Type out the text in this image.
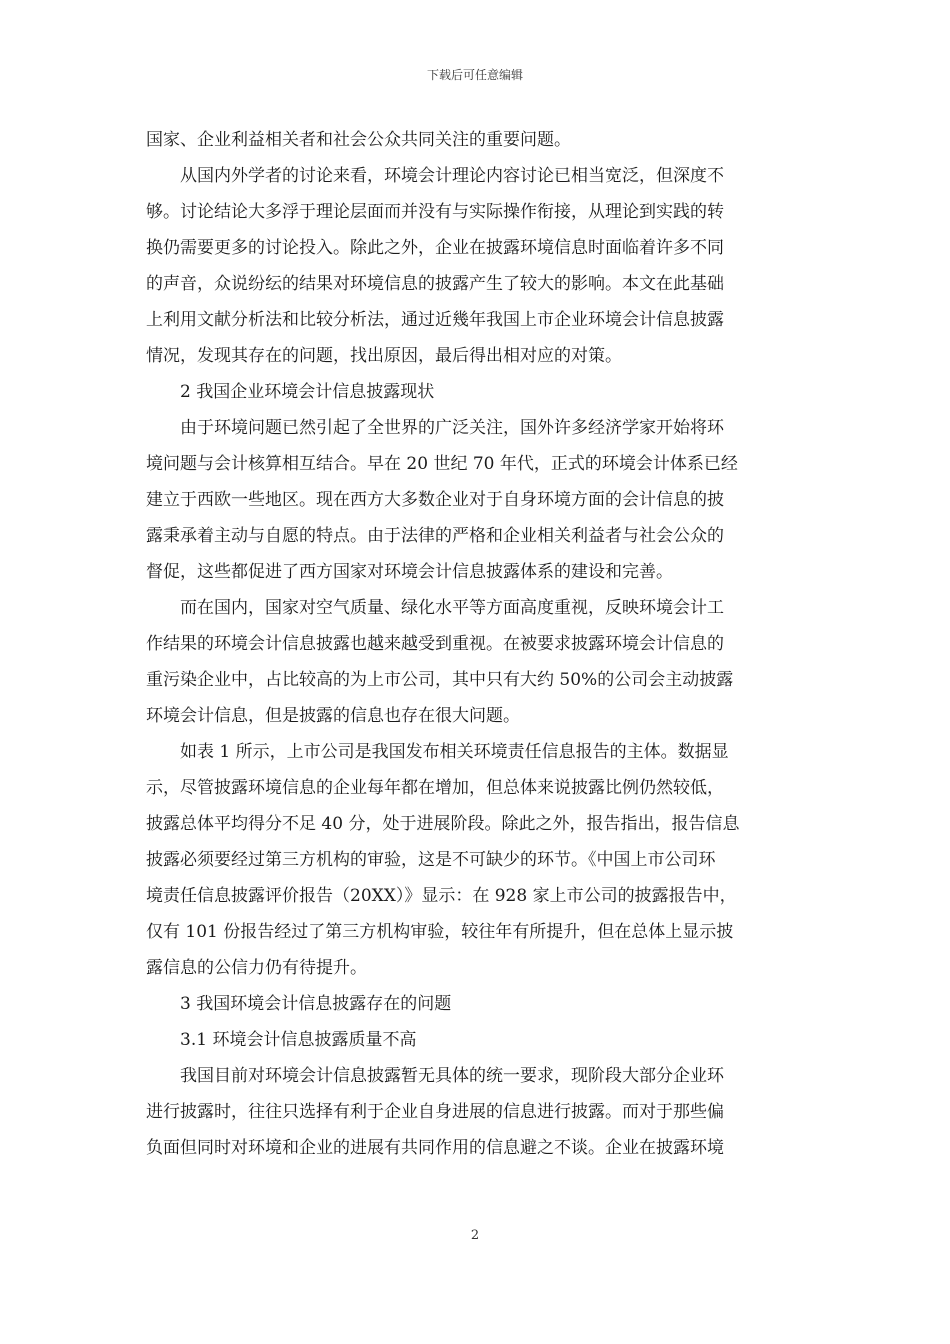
下载后可任意编辑
国家、企业利益相关者和社会公众共同关注的重要问题。
从国内外学者的讨论来看，环境会计理论内容讨论已相当宽泛，但深度不
够。讨论结论大多浮于理论层面而并没有与实际操作衔接，从理论到实践的转
换仍需要更多的讨论投入。除此之外，企业在披露环境信息时面临着许多不同
的声音，众说纷纭的结果对环境信息的披露产生了较大的影响。本文在此基础
上利用文献分析法和比较分析法，通过近幾年我国上市企业环境会计信息披露
情况，发现其存在的问题，找出原因，最后得出相对应的对策。
2 我国企业环境会计信息披露现状
由于环境问题已然引起了全世界的广泛关注，国外许多经济学家开始将环
境问题与会计核算相互结合。早在 20 世纪 70 年代，正式的环境会计体系已经
建立于西欧一些地区。现在西方大多数企业对于自身环境方面的会计信息的披
露秉承着主动与自愿的特点。由于法律的严格和企业相关利益者与社会公众的
督促，这些都促进了西方国家对环境会计信息披露体系的建设和完善。
而在国内，国家对空气质量、绿化水平等方面高度重视，反映环境会计工
作结果的环境会计信息披露也越来越受到重视。在被要求披露环境会计信息的
重污染企业中，占比较高的为上市公司，其中只有大约 50%的公司会主动披露
环境会计信息，但是披露的信息也存在很大问题。
如表 1 所示，上市公司是我国发布相关环境责任信息报告的主体。数据显
示，尽管披露环境信息的企业每年都在增加，但总体来说披露比例仍然较低，
披露总体平均得分不足 40 分，处于进展阶段。除此之外，报告指出，报告信息
披露必须要经过第三方机构的审验，这是不可缺少的环节。《中国上市公司环
境责任信息披露评价报告（20XX）》显示：在 928 家上市公司的披露报告中，
仅有 101 份报告经过了第三方机构审验，较往年有所提升，但在总体上显示披
露信息的公信力仍有待提升。
3 我国环境会计信息披露存在的问题
3.1 环境会计信息披露质量不高
我国目前对环境会计信息披露暂无具体的统一要求，现阶段大部分企业环
进行披露时，往往只选择有利于企业自身进展的信息进行披露。而对于那些偏
负面但同时对环境和企业的进展有共同作用的信息避之不谈。企业在披露环境
2
